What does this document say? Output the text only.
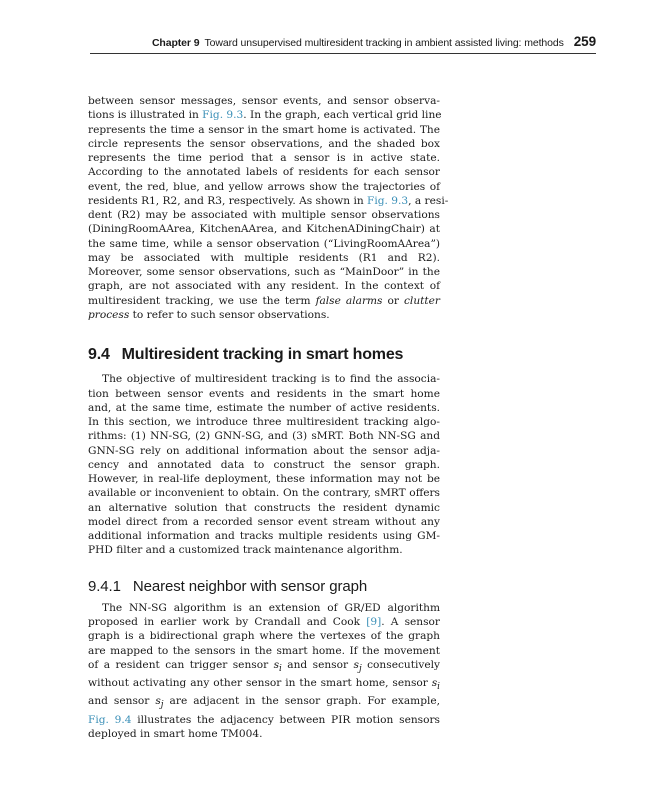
Chapter 9 Toward unsupervised multiresident tracking in ambient assisted living: methods 259

between sensor messages, sensor events, and sensor observa-
tions is illustrated in Fig. 9.3. In the graph, each vertical grid line
represents the time a sensor in the smart home is activated. The
circle represents the sensor observations, and the shaded box
represents the time period that a sensor is in active state.
According to the annotated labels of residents for each sensor
event, the red, blue, and yellow arrows show the trajectories of
residents R1, R2, and R3, respectively. As shown in Fig. 9.3, a resi-
dent (R2) may be associated with multiple sensor observations
(DiningRoomAArea, KitchenAArea, and KitchenADiningChair) at
the same time, while a sensor observation (“LivingRoomAArea”)
may be associated with multiple residents (R1 and R2).
Moreover, some sensor observations, such as “MainDoor” in the
graph, are not associated with any resident. In the context of
multiresident tracking, we use the term false alarms or clutter
process to refer to such sensor observations.

9.4 Multiresident tracking in smart homes

The objective of multiresident tracking is to find the associa-
tion between sensor events and residents in the smart home
and, at the same time, estimate the number of active residents.
In this section, we introduce three multiresident tracking algo-
rithms: (1) NN-SG, (2) GNN-SG, and (3) sMRT. Both NN-SG and
GNN-SG rely on additional information about the sensor adja-
cency and annotated data to construct the sensor graph.
However, in real-life deployment, these information may not be
available or inconvenient to obtain. On the contrary, sMRT offers
an alternative solution that constructs the resident dynamic
model direct from a recorded sensor event stream without any
additional information and tracks multiple residents using GM-
PHD filter and a customized track maintenance algorithm.

9.4.1 Nearest neighbor with sensor graph

The NN-SG algorithm is an extension of GR/ED algorithm
proposed in earlier work by Crandall and Cook [9]. A sensor
graph is a bidirectional graph where the vertexes of the graph
are mapped to the sensors in the smart home. If the movement
of a resident can trigger sensor $s_i$ and sensor $s_j$ consecutively
without activating any other sensor in the smart home, sensor $s_i$
and sensor $s_j$ are adjacent in the sensor graph. For example,
Fig. 9.4 illustrates the adjacency between PIR motion sensors
deployed in smart home TM004.
